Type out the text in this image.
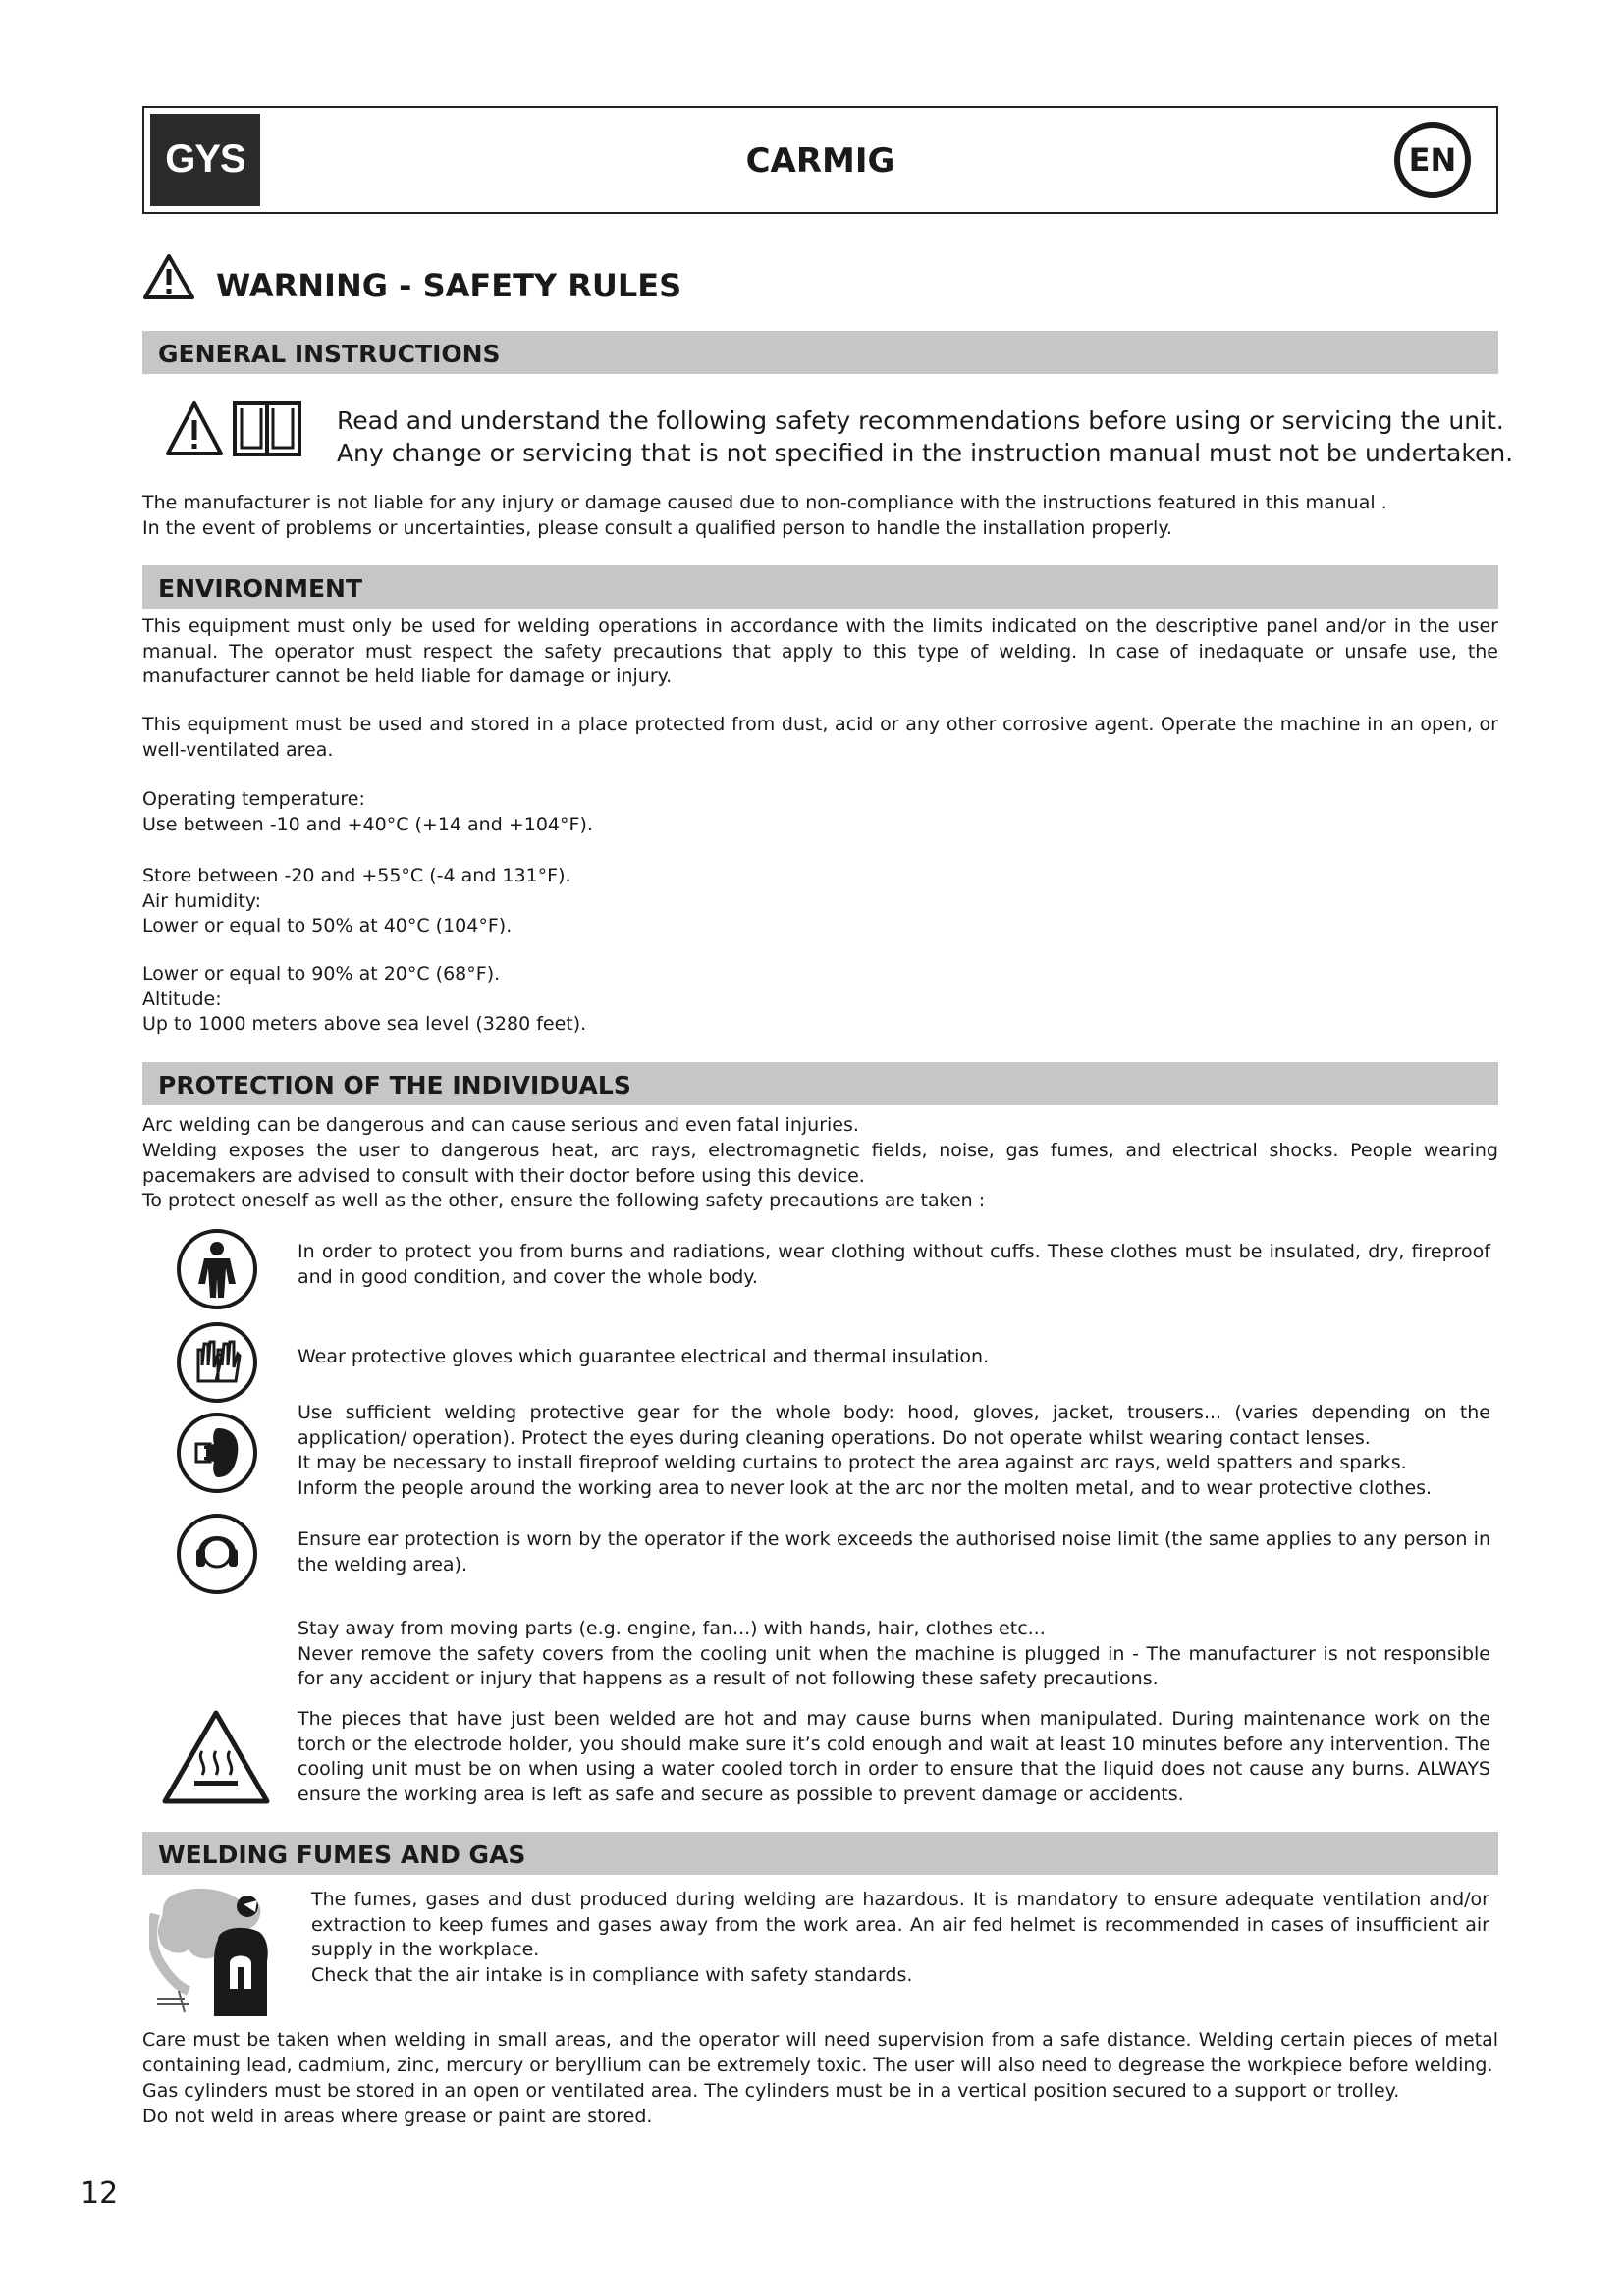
GYS	CARMIG	EN
WARNING - SAFETY RULES
GENERAL INSTRUCTIONS
Read and understand the following safety recommendations before using or servicing the unit.
Any change or servicing that is not specified in the instruction manual must not be undertaken.
The manufacturer is not liable for any injury or damage caused due to non-compliance with the instructions featured in this manual .
In the event of problems or uncertainties, please consult a qualified person to handle the installation properly.
ENVIRONMENT
This equipment must only be used for welding operations in accordance with the limits indicated on the descriptive panel and/or in the user manual. The operator must respect the safety precautions that apply to this type of welding. In case of inedaquate or unsafe use, the manufacturer cannot be held liable for damage or injury.
This equipment must be used and stored in a place protected from dust, acid or any other corrosive agent. Operate the machine in an open, or well-ventilated area.
Operating temperature:
Use between -10 and +40°C (+14 and +104°F).
Store between -20 and +55°C (-4 and 131°F).
Air humidity:
Lower or equal to 50% at 40°C (104°F).
Lower or equal to 90% at 20°C (68°F).
Altitude:
Up to 1000 meters above sea level (3280 feet).
PROTECTION OF THE INDIVIDUALS
Arc welding can be dangerous and can cause serious and even fatal injuries.
Welding exposes the user to dangerous heat, arc rays, electromagnetic fields, noise, gas fumes, and electrical shocks. People wearing pacemakers are advised to consult with their doctor before using this device.
To protect oneself as well as the other, ensure the following safety precautions are taken :
In order to protect you from burns and radiations, wear clothing without cuffs. These clothes must be insulated, dry, fireproof and in good condition, and cover the whole body.
Wear protective gloves which guarantee electrical and thermal insulation.
Use sufficient welding protective gear for the whole body: hood, gloves, jacket, trousers... (varies depending on the application/ operation). Protect the eyes during cleaning operations. Do not operate whilst wearing contact lenses.
It may be necessary to install fireproof welding curtains to protect the area against arc rays, weld spatters and sparks.
Inform the people around the working area to never look at the arc nor the molten metal, and to wear protective clothes.
Ensure ear protection is worn by the operator if the work exceeds the authorised noise limit (the same applies to any person in the welding area).
Stay away from moving parts (e.g. engine, fan...) with hands, hair, clothes etc...
Never remove the safety covers from the cooling unit when the machine is plugged in - The manufacturer is not responsible for any accident or injury that happens as a result of not following these safety precautions.
The pieces that have just been welded are hot and may cause burns when manipulated. During maintenance work on the torch or the electrode holder, you should make sure it’s cold enough and wait at least 10 minutes before any intervention. The cooling unit must be on when using a water cooled torch in order to ensure that the liquid does not cause any burns. ALWAYS ensure the working area is left as safe and secure as possible to prevent damage or accidents.
WELDING FUMES AND GAS
The fumes, gases and dust produced during welding are hazardous. It is mandatory to ensure adequate ventilation and/or extraction to keep fumes and gases away from the work area. An air fed helmet is recommended in cases of insufficient air supply in the workplace.
Check that the air intake is in compliance with safety standards.
Care must be taken when welding in small areas, and the operator will need supervision from a safe distance. Welding certain pieces of metal containing lead, cadmium, zinc, mercury or beryllium can be extremely toxic. The user will also need to degrease the workpiece before welding.
Gas cylinders must be stored in an open or ventilated area. The cylinders must be in a vertical position secured to a support or trolley.
Do not weld in areas where grease or paint are stored.
12
